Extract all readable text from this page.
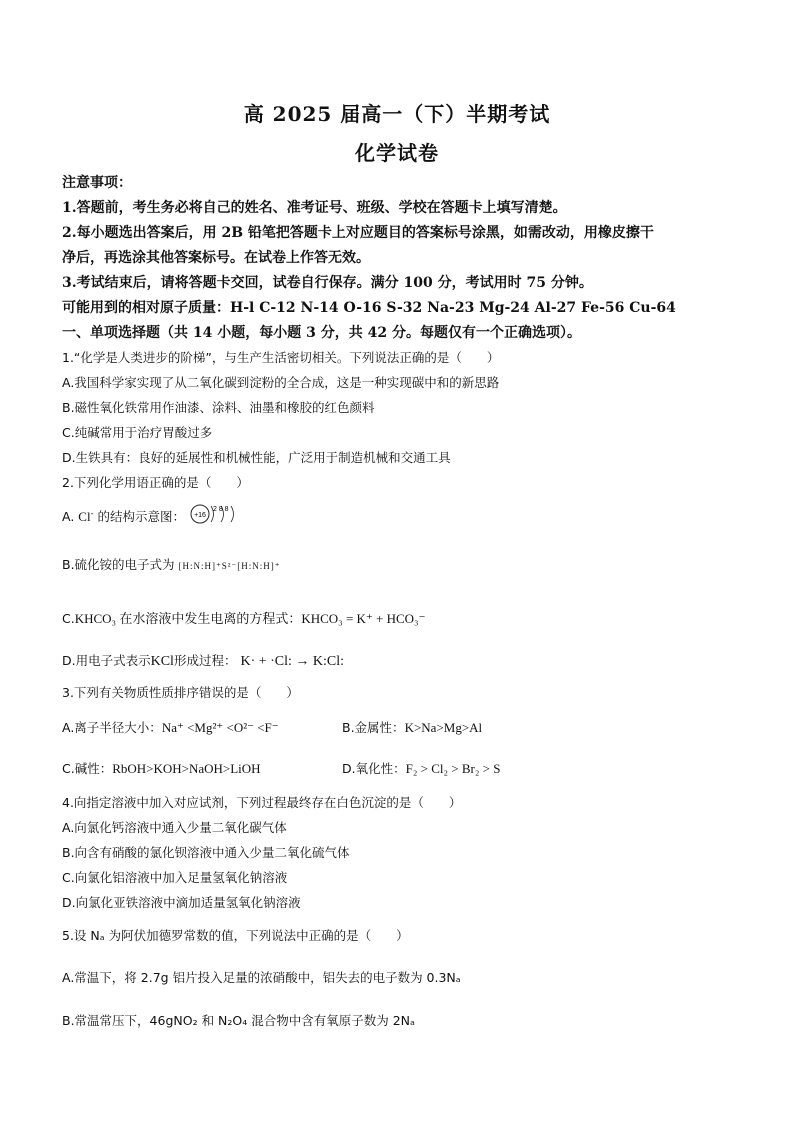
高 2025 届高一（下）半期考试
化学试卷
注意事项：
1.答题前，考生务必将自己的姓名、准考证号、班级、学校在答题卡上填写清楚。
2.每小题选出答案后，用 2B 铅笔把答题卡上对应题目的答案标号涂黑，如需改动，用橡皮擦干
净后，再选涂其他答案标号。在试卷上作答无效。
3.考试结束后，请将答题卡交回，试卷自行保存。满分 100 分，考试用时 75 分钟。
可能用到的相对原子质量：H-l C-12 N-14 O-16 S-32 Na-23 Mg-24 Al-27 Fe-56 Cu-64
一、单项选择题（共 14 小题，每小题 3 分，共 42 分。每题仅有一个正确选项）。
1.“化学是人类进步的阶梯”，与生产生活密切相关。下列说法正确的是（　　）
A.我国科学家实现了从二氧化碳到淀粉的全合成，这是一种实现碳中和的新思路
B.磁性氧化铁常用作油漆、涂料、油墨和橡胶的红色颜料
C.纯碱常用于治疗胃酸过多
D.生铁具有：良好的延展性和机械性能，广泛用于制造机械和交通工具
2.下列化学用语正确的是（　　）
A. Cl- 的结构示意图： +16
2 8 8
B.硫化铵的电子式为 [H:N:H]⁺S²⁻[H:N:H]⁺
C.KHCO₃ 在水溶液中发生电离的方程式：KHCO₃ = K⁺ + HCO₃⁻
D.用电子式表示KCl形成过程： K· + ·Cl: → K:Cl:
3.下列有关物质性质排序错误的是（　　）
A.离子半径大小：Na⁺ <Mg²⁺ <O²⁻ <F⁻	B.金属性：K>Na>Mg>Al
C.碱性：RbOH>KOH>NaOH>LiOH	D.氧化性：F₂ > Cl₂ > Br₂ > S
4.向指定溶液中加入对应试剂，下列过程最终存在白色沉淀的是（　　）
A.向氯化钙溶液中通入少量二氧化碳气体
B.向含有硝酸的氯化钡溶液中通入少量二氧化硫气体
C.向氯化铝溶液中加入足量氢氧化钠溶液
D.向氯化亚铁溶液中滴加适量氢氧化钠溶液
5.设 Nₐ 为阿伏加德罗常数的值，下列说法中正确的是（　　）
A.常温下，将 2.7g 铝片投入足量的浓硝酸中，铝失去的电子数为 0.3Nₐ
B.常温常压下，46gNO₂ 和 N₂O₄ 混合物中含有氧原子数为 2Nₐ
